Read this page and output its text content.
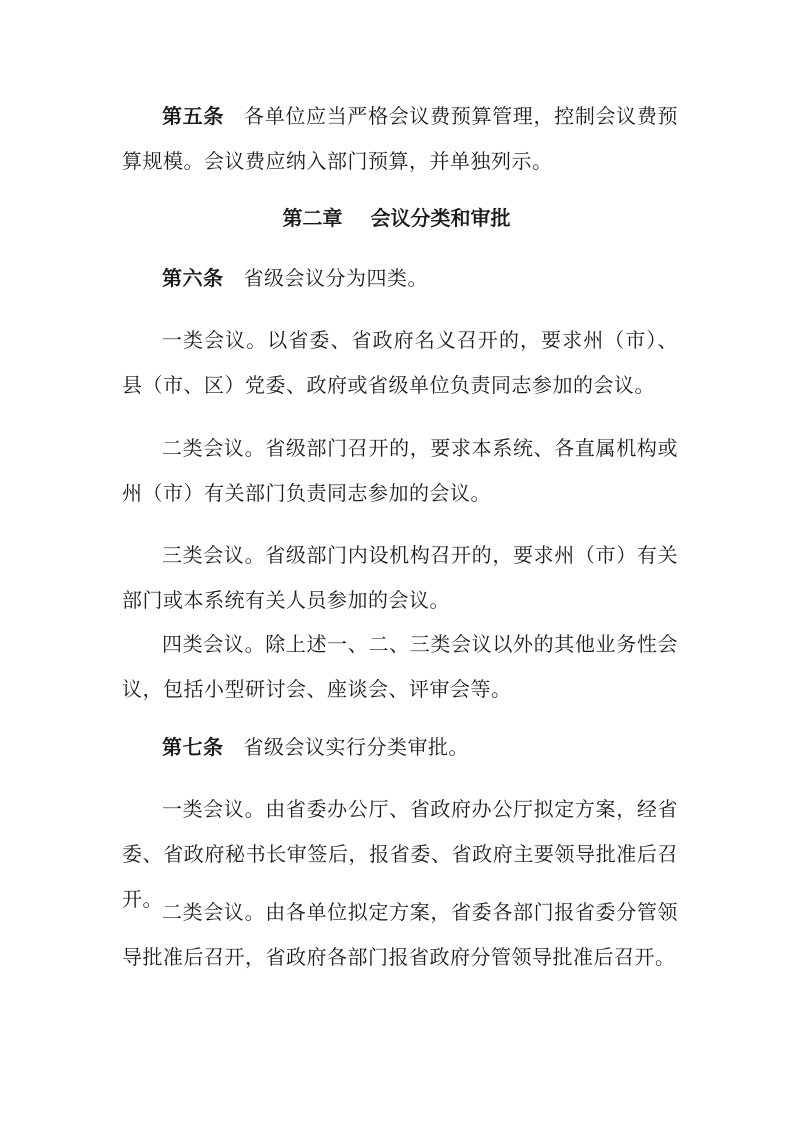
第五条 各单位应当严格会议费预算管理，控制会议费预算规模。会议费应纳入部门预算，并单独列示。

第二章 会议分类和审批

第六条 省级会议分为四类。

一类会议。以省委、省政府名义召开的，要求州（市）、县（市、区）党委、政府或省级单位负责同志参加的会议。

二类会议。省级部门召开的，要求本系统、各直属机构或州（市）有关部门负责同志参加的会议。

三类会议。省级部门内设机构召开的，要求州（市）有关部门或本系统有关人员参加的会议。

四类会议。除上述一、二、三类会议以外的其他业务性会议，包括小型研讨会、座谈会、评审会等。

第七条 省级会议实行分类审批。

一类会议。由省委办公厅、省政府办公厅拟定方案，经省委、省政府秘书长审签后，报省委、省政府主要领导批准后召开。

二类会议。由各单位拟定方案，省委各部门报省委分管领导批准后召开，省政府各部门报省政府分管领导批准后召开。
